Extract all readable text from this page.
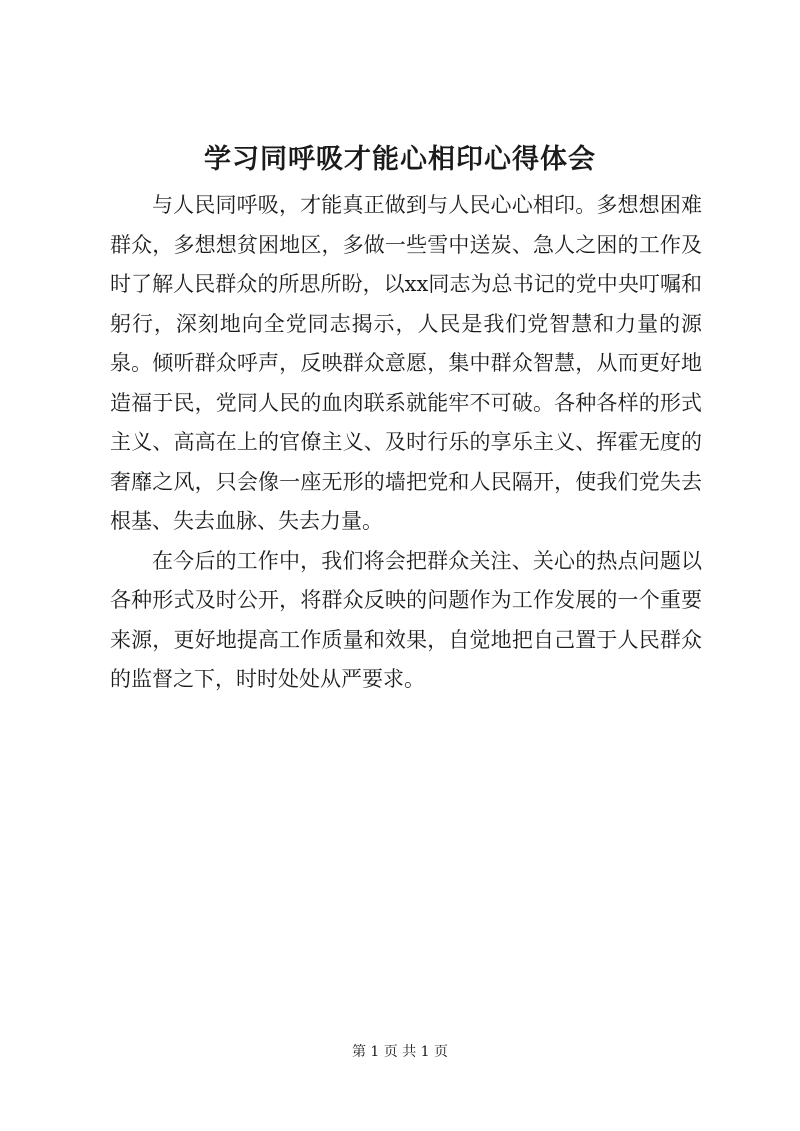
学习同呼吸才能心相印心得体会

与人民同呼吸，才能真正做到与人民心心相印。多想想困难群众，多想想贫困地区，多做一些雪中送炭、急人之困的工作及时了解人民群众的所思所盼，以xx同志为总书记的党中央叮嘱和躬行，深刻地向全党同志揭示，人民是我们党智慧和力量的源泉。倾听群众呼声，反映群众意愿，集中群众智慧，从而更好地造福于民，党同人民的血肉联系就能牢不可破。各种各样的形式主义、高高在上的官僚主义、及时行乐的享乐主义、挥霍无度的奢靡之风，只会像一座无形的墙把党和人民隔开，使我们党失去根基、失去血脉、失去力量。

在今后的工作中，我们将会把群众关注、关心的热点问题以各种形式及时公开，将群众反映的问题作为工作发展的一个重要来源，更好地提高工作质量和效果，自觉地把自己置于人民群众的监督之下，时时处处从严要求。

第 1 页 共 1 页
